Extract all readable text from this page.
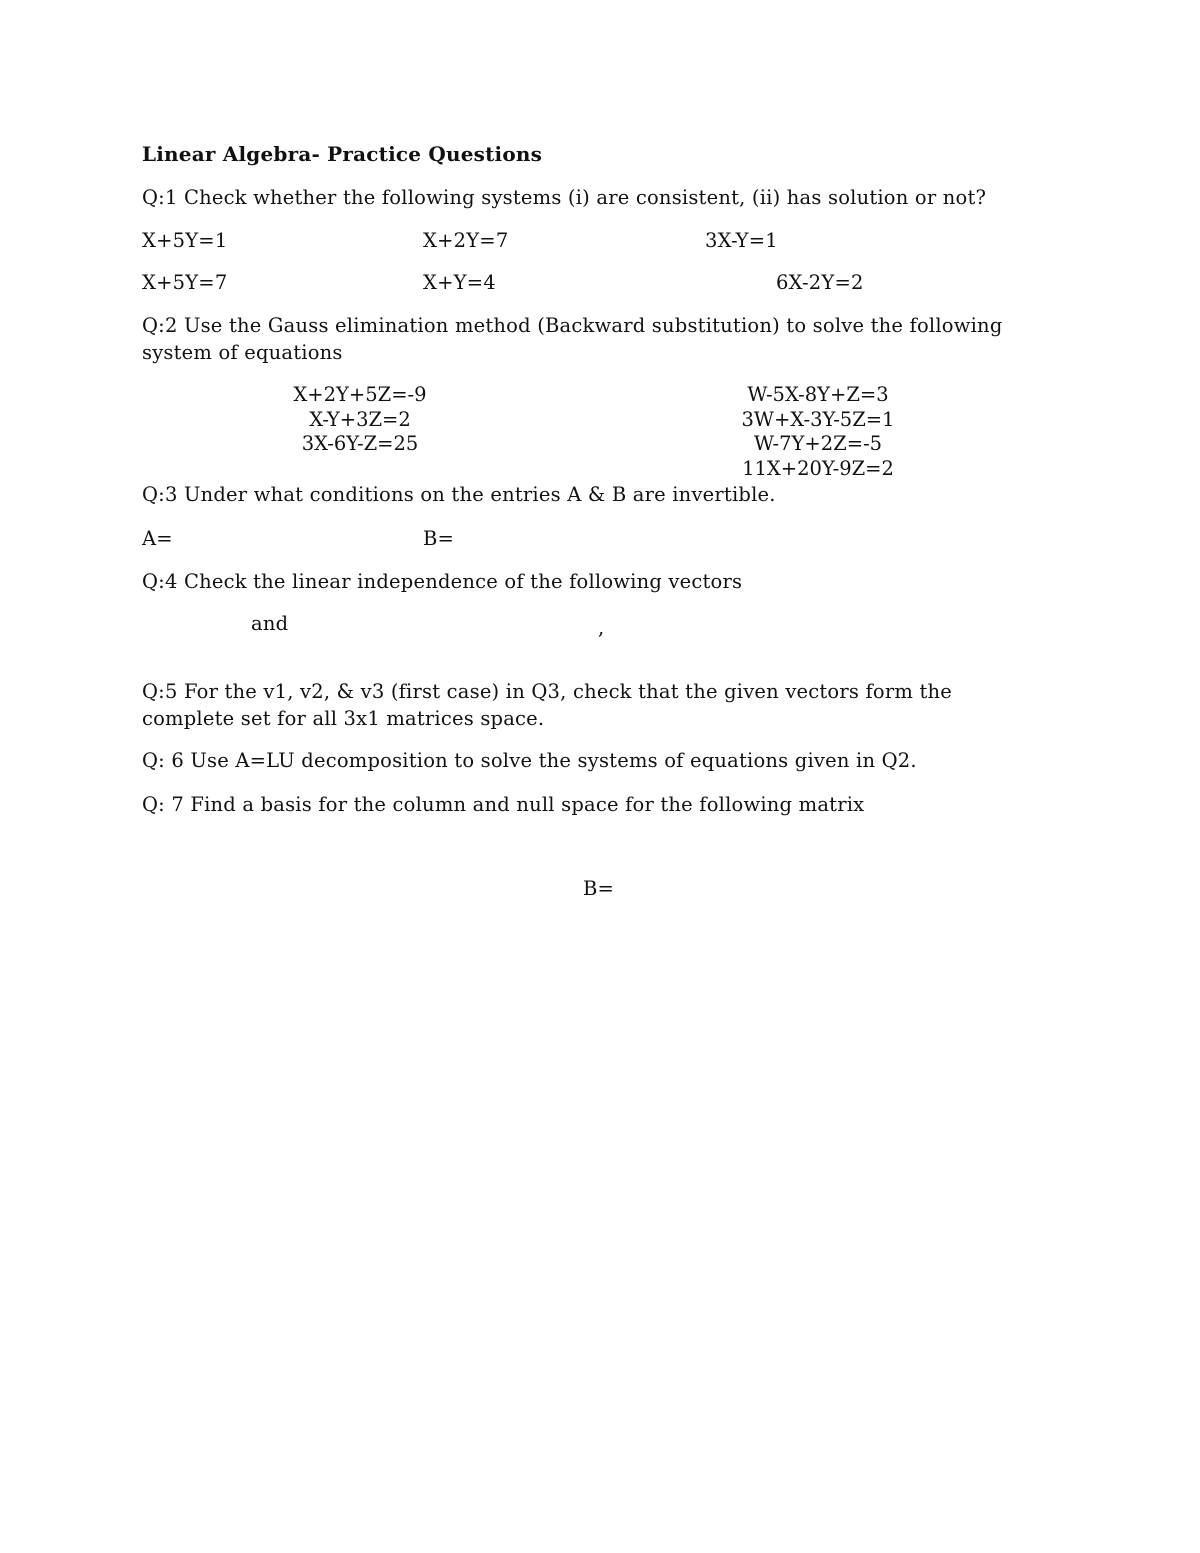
Linear Algebra- Practice Questions

Q:1 Check whether the following systems (i) are consistent, (ii) has solution or not?

X+5Y=1	X+2Y=7	3X-Y=1

X+5Y=7	X+Y=4	6X-2Y=2

Q:2 Use the Gauss elimination method (Backward substitution) to solve the following system of equations

X+2Y+5Z=-9
X-Y+3Z=2
3X-6Y-Z=25
W-5X-8Y+Z=3
3W+X-3Y-5Z=1
W-7Y+2Z=-5
11X+20Y-9Z=2

Q:3 Under what conditions on the entries A & B are invertible.

A=	B=

Q:4 Check the linear independence of the following vectors

and	,

Q:5 For the v1, v2, & v3 (first case) in Q3, check that the given vectors form the complete set for all 3x1 matrices space.

Q: 6 Use A=LU decomposition to solve the systems of equations given in Q2.

Q: 7 Find a basis for the column and null space for the following matrix

B=
